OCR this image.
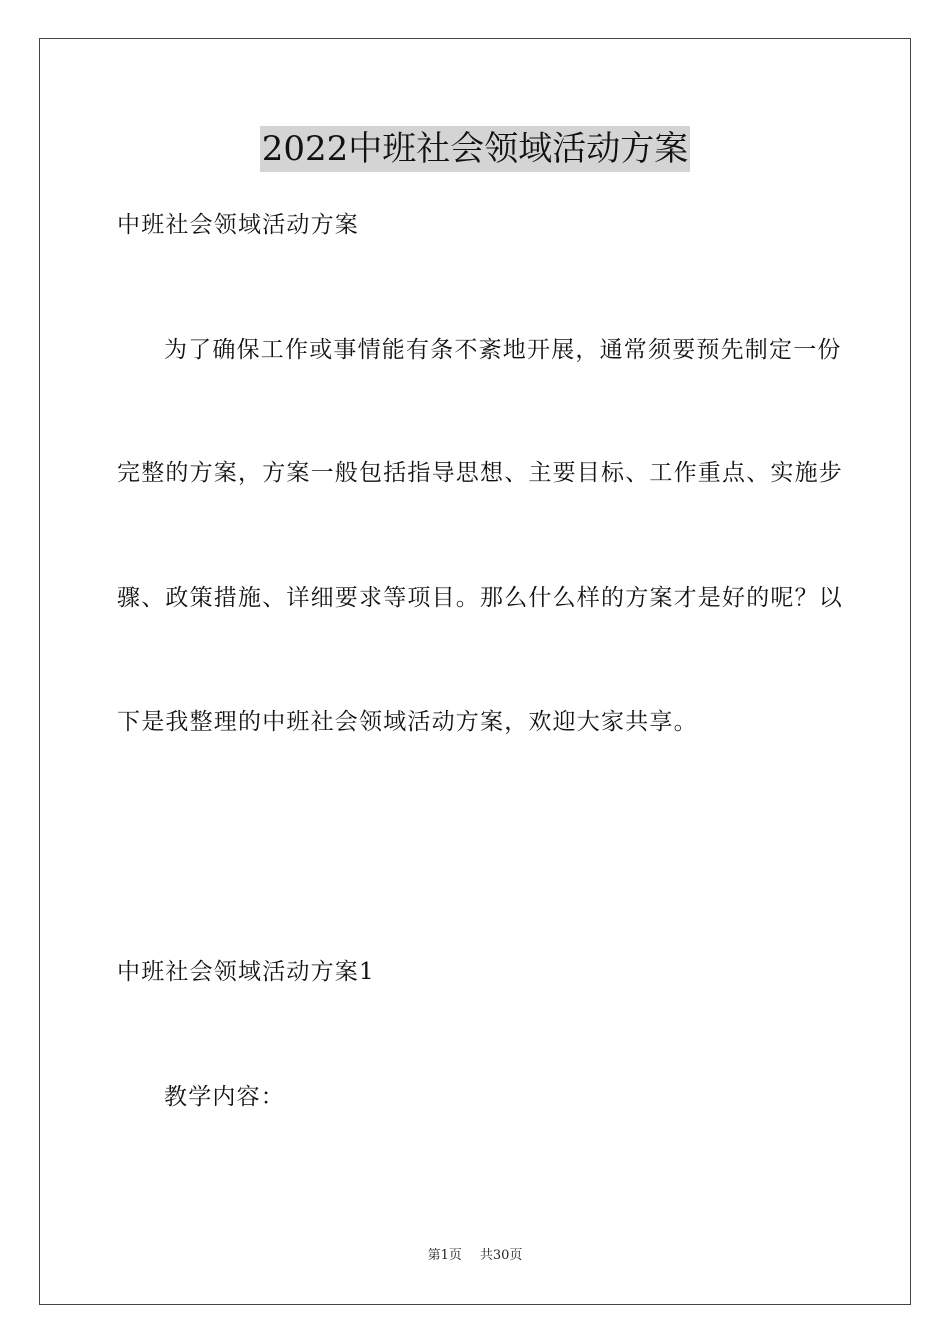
2022中班社会领域活动方案
中班社会领域活动方案
为了确保工作或事情能有条不紊地开展，通常须要预先制定一份
完整的方案，方案一般包括指导思想、主要目标、工作重点、实施步
骤、政策措施、详细要求等项目。那么什么样的方案才是好的呢？以
下是我整理的中班社会领域活动方案，欢迎大家共享。
中班社会领域活动方案1
教学内容：
第1页 共30页
